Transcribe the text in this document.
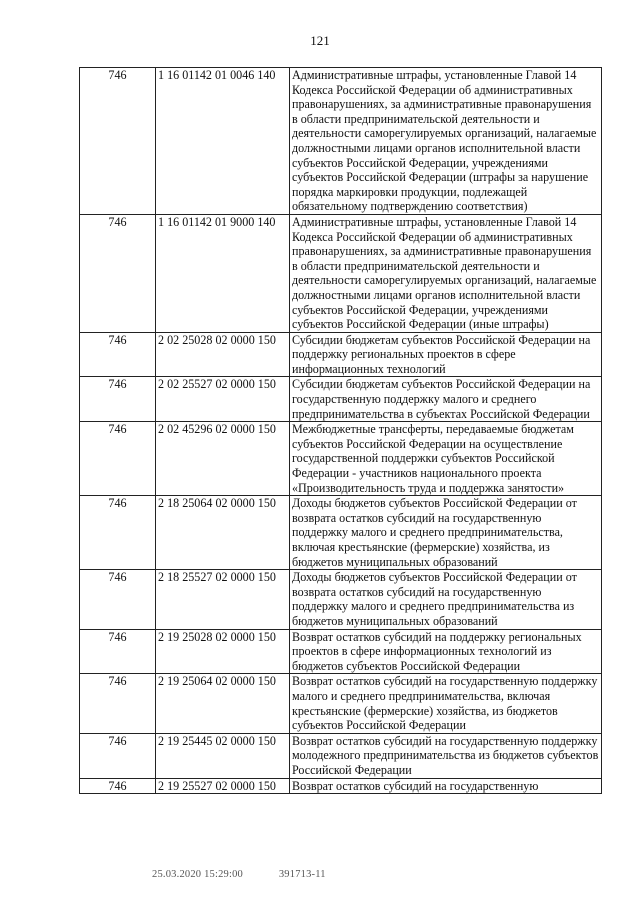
121
746	1 16 01142 01 0046 140	Административные штрафы, установленные Главой 14 Кодекса Российской Федерации об административных правонарушениях, за административные правонарушения в области предпринимательской деятельности и деятельности саморегулируемых организаций, налагаемые должностными лицами органов исполнительной власти субъектов Российской Федерации, учреждениями субъектов Российской Федерации (штрафы за нарушение порядка маркировки продукции, подлежащей обязательному подтверждению соответствия)
746	1 16 01142 01 9000 140	Административные штрафы, установленные Главой 14 Кодекса Российской Федерации об административных правонарушениях, за административные правонарушения в области предпринимательской деятельности и деятельности саморегулируемых организаций, налагаемые должностными лицами органов исполнительной власти субъектов Российской Федерации, учреждениями субъектов Российской Федерации (иные штрафы)
746	2 02 25028 02 0000 150	Субсидии бюджетам субъектов Российской Федерации на поддержку региональных проектов в сфере информационных технологий
746	2 02 25527 02 0000 150	Субсидии бюджетам субъектов Российской Федерации на государственную поддержку малого и среднего предпринимательства в субъектах Российской Федерации
746	2 02 45296 02 0000 150	Межбюджетные трансферты, передаваемые бюджетам субъектов Российской Федерации на осуществление государственной поддержки субъектов Российской Федерации - участников национального проекта «Производительность труда и поддержка занятости»
746	2 18 25064 02 0000 150	Доходы бюджетов субъектов Российской Федерации от возврата остатков субсидий на государственную поддержку малого и среднего предпринимательства, включая крестьянские (фермерские) хозяйства, из бюджетов муниципальных образований
746	2 18 25527 02 0000 150	Доходы бюджетов субъектов Российской Федерации от возврата остатков субсидий на государственную поддержку малого и среднего предпринимательства из бюджетов муниципальных образований
746	2 19 25028 02 0000 150	Возврат остатков субсидий на поддержку региональных проектов в сфере информационных технологий из бюджетов субъектов Российской Федерации
746	2 19 25064 02 0000 150	Возврат остатков субсидий на государственную поддержку малого и среднего предпринимательства, включая крестьянские (фермерские) хозяйства, из бюджетов субъектов Российской Федерации
746	2 19 25445 02 0000 150	Возврат остатков субсидий на государственную поддержку молодежного предпринимательства из бюджетов субъектов Российской Федерации
746	2 19 25527 02 0000 150	Возврат остатков субсидий на государственную
25.03.2020 15:29:00	391713-11
